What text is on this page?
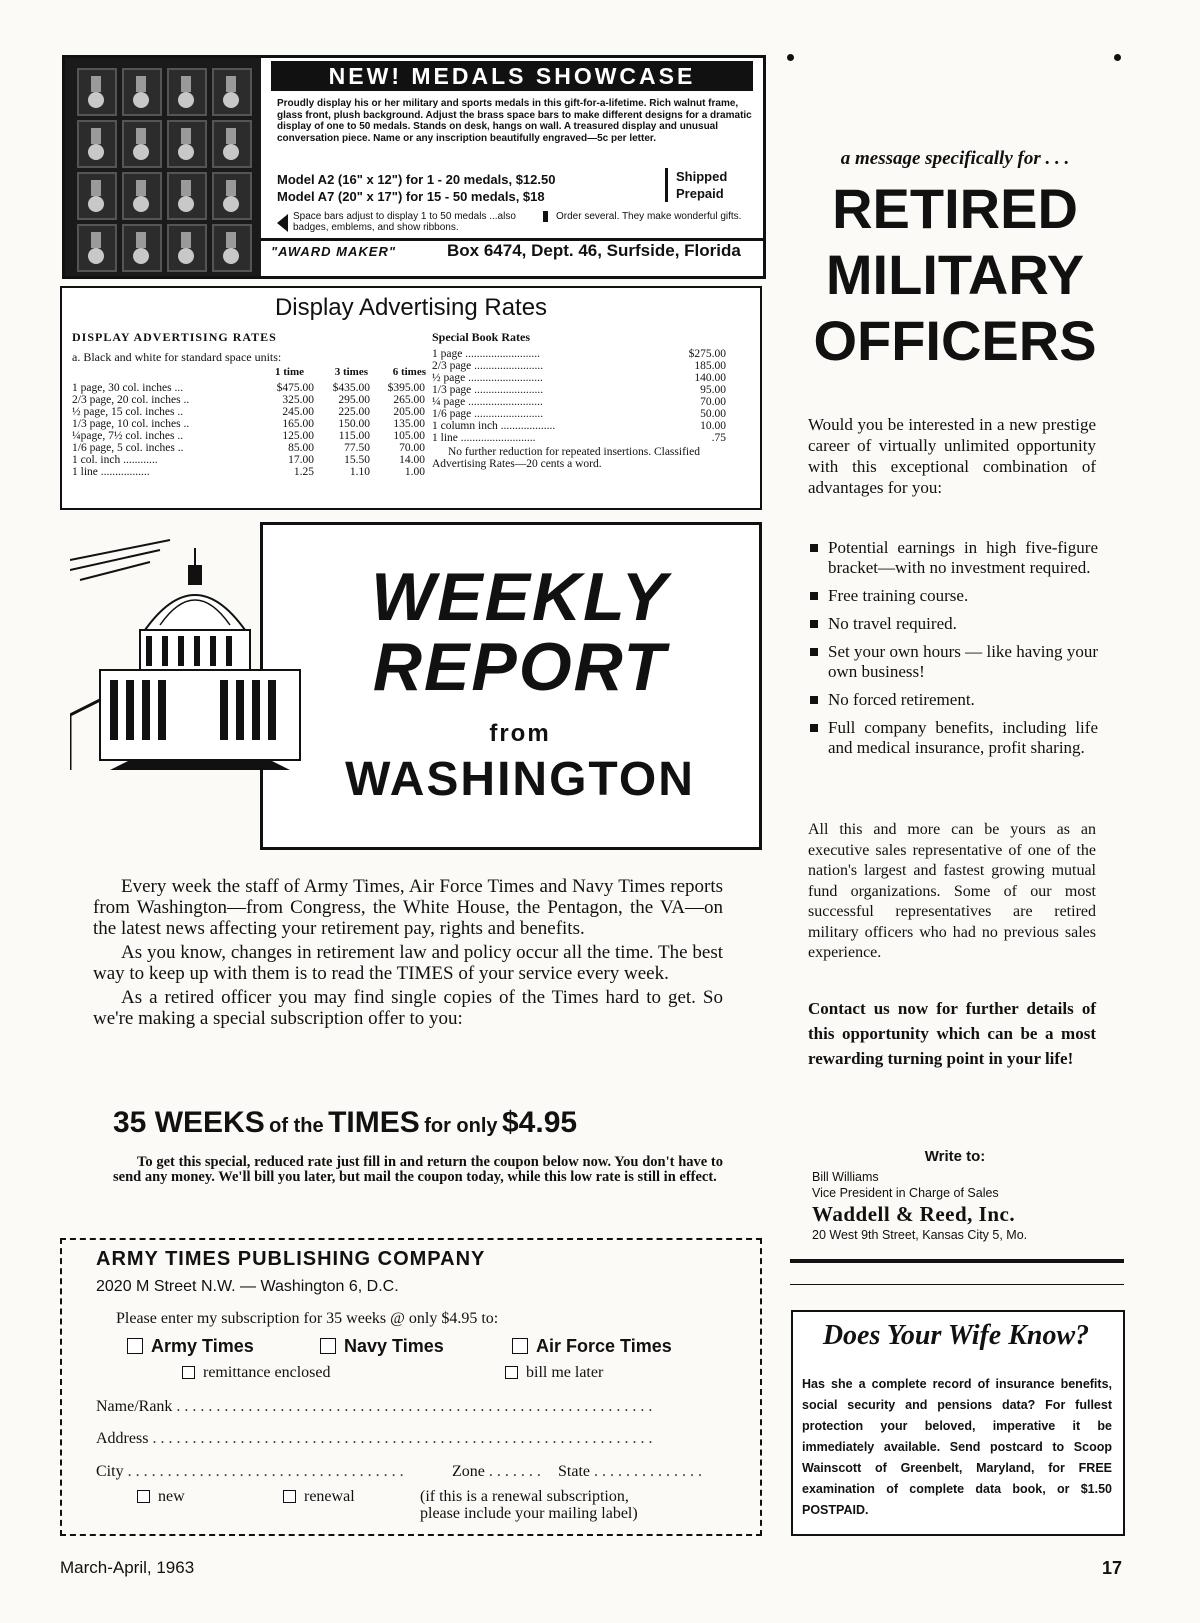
NEW! MEDALS SHOWCASE
Proudly display his or her military and sports medals in this gift-for-a-lifetime. Rich walnut frame, glass front, plush background. Adjust the brass space bars to make different designs for a dramatic display of one to 50 medals. Stands on desk, hangs on wall. A treasured display and unusual conversation piece. Name or any inscription beautifully engraved—5c per letter.
Model A2 (16" x 12") for 1 - 20 medals, $12.50
Model A7 (20" x 17") for 15 - 50 medals, $18
Shipped
Prepaid
Space bars adjust to display 1 to 50 medals ...also badges, emblems, and show ribbons.
Order several. They make wonderful gifts.
"AWARD MAKER"	Box 6474, Dept. 46, Surfside, Florida
Display Advertising Rates
DISPLAY ADVERTISING RATES
a. Black and white for standard space units:
1 time	3 times	6 times
Special Book Rates
No further reduction for repeated insertions. Classified Advertising Rates—20 cents a word.
1 page, 30 col. inches ...	$475.00	$435.00	$395.00
2/3 page, 20 col. inches ..	325.00	295.00	265.00
½ page, 15 col. inches ..	245.00	225.00	205.00
1/3 page, 10 col. inches ..	165.00	150.00	135.00
¼page, 7½ col. inches ..	125.00	115.00	105.00
1/6 page, 5 col. inches ..	85.00	77.50	70.00
1 col. inch ............	17.00	15.50	14.00
1 line .................	1.25	1.10	1.00
1 page ..........................	$275.00
2/3 page ........................	185.00
½ page ..........................	140.00
1/3 page ........................	95.00
¼ page ..........................	70.00
1/6 page ........................	50.00
1 column inch ...................	10.00
1 line ..........................	.75
WEEKLY
REPORT
from
WASHINGTON

Every week the staff of Army Times, Air Force Times and Navy Times reports from Washington—from Congress, the White House, the Pentagon, the VA—on the latest news affecting your retirement pay, rights and benefits.

As you know, changes in retirement law and policy occur all the time. The best way to keep up with them is to read the TIMES of your service every week.

As a retired officer you may find single copies of the Times hard to get. So we're making a special subscription offer to you:

35 WEEKS of the TIMES for only $4.95
To get this special, reduced rate just fill in and return the coupon below now. You don't have to send any money. We'll bill you later, but mail the coupon today, while this low rate is still in effect.
ARMY TIMES PUBLISHING COMPANY
2020 M Street N.W. — Washington 6, D.C.
Please enter my subscription for 35 weeks @ only $4.95 to:
Army Times	Navy Times	Air Force Times
remittance enclosed	bill me later
Name/Rank . . . . . . . . . . . . . . . . . . . . . . . . . . . . . . . . . . . . . . . . . . . . . . . . . . . . . . . . . . . .
Address . . . . . . . . . . . . . . . . . . . . . . . . . . . . . . . . . . . . . . . . . . . . . . . . . . . . . . . . . . . . . . .
City . . . . . . . . . . . . . . . . . . . . . . . . . . . . . . . . . . .	Zone . . . . . . .	State . . . . . . . . . . . . . .
new	renewal	(if this is a renewal subscription,
please include your mailing label)
March-April, 1963	17
a message specifically for . . .
RETIRED
MILITARY
OFFICERS
Would you be interested in a new prestige career of virtually unlimited opportunity with this exceptional combination of advantages for you:
Potential earnings in high five-figure bracket—with no investment required.
Free training course.
No travel required.
Set your own hours — like having your own business!
No forced retirement.
Full company benefits, including life and medical insurance, profit sharing.
All this and more can be yours as an executive sales representative of one of the nation's largest and fastest growing mutual fund organizations. Some of our most successful representatives are retired military officers who had no previous sales experience.
Contact us now for further details of this opportunity which can be a most rewarding turning point in your life!
Write to:
Bill Williams
Vice President in Charge of Sales
Waddell & Reed, Inc.
20 West 9th Street, Kansas City 5, Mo.
Does Your Wife Know?
Has she a complete record of insurance benefits, social security and pensions data? For fullest protection your beloved, imperative it be immediately available. Send postcard to Scoop Wainscott of Greenbelt, Maryland, for FREE examination of complete data book, or $1.50 POSTPAID.
